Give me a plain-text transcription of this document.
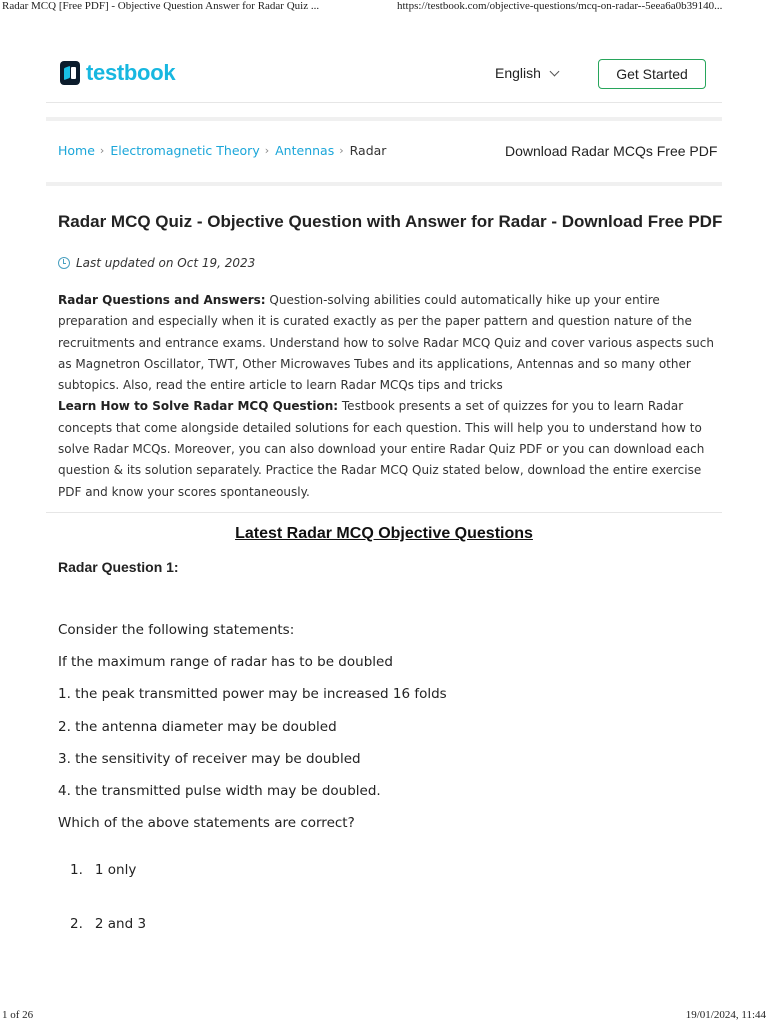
Radar MCQ [Free PDF] - Objective Question Answer for Radar Quiz ...	https://testbook.com/objective-questions/mcq-on-radar--5eea6a0b39140...
testbook	English	Get Started
Home › Electromagnetic Theory › Antennas › Radar	Download Radar MCQs Free PDF
Radar MCQ Quiz - Objective Question with Answer for Radar - Download Free PDF
Last updated on Oct 19, 2023

Radar Questions and Answers: Question-solving abilities could automatically hike up your entire preparation and especially when it is curated exactly as per the paper pattern and question nature of the recruitments and entrance exams. Understand how to solve Radar MCQ Quiz and cover various aspects such as Magnetron Oscillator, TWT, Other Microwaves Tubes and its applications, Antennas and so many other subtopics. Also, read the entire article to learn Radar MCQs tips and tricks

Learn How to Solve Radar MCQ Question: Testbook presents a set of quizzes for you to learn Radar concepts that come alongside detailed solutions for each question. This will help you to understand how to solve Radar MCQs. Moreover, you can also download your entire Radar Quiz PDF or you can download each question & its solution separately. Practice the Radar MCQ Quiz stated below, download the entire exercise PDF and know your scores spontaneously.

Latest Radar MCQ Objective Questions
Radar Question 1:
Consider the following statements:
If the maximum range of radar has to be doubled
1. the peak transmitted power may be increased 16 folds
2. the antenna diameter may be doubled
3. the sensitivity of receiver may be doubled
4. the transmitted pulse width may be doubled.
Which of the above statements are correct?
1. 1 only
2. 2 and 3
1 of 26	19/01/2024, 11:44
